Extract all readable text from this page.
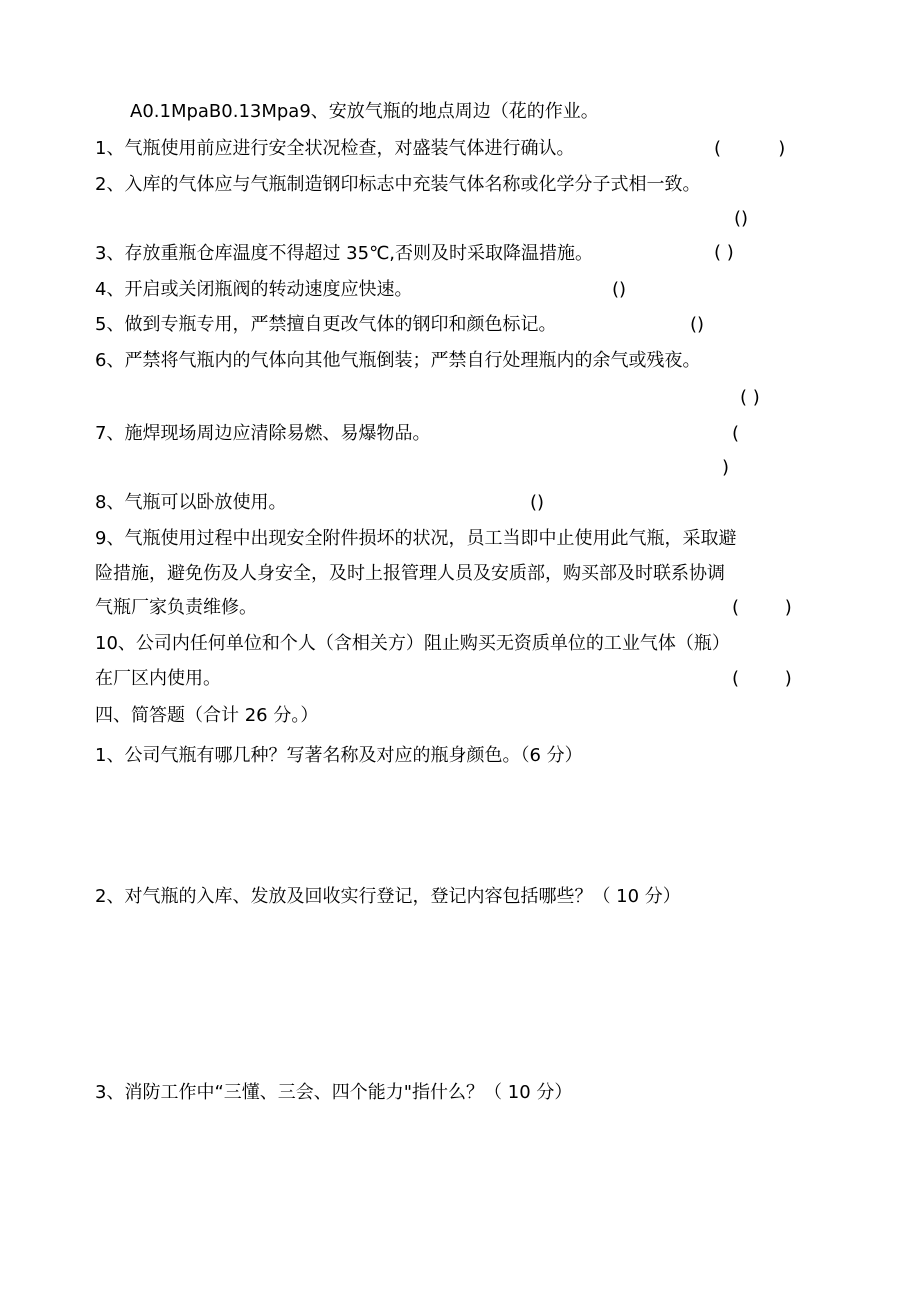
A0.1MpaB0.13Mpa9、安放气瓶的地点周边（花的作业。
1、气瓶使用前应进行安全状况检查，对盛装气体进行确认。	(          )
2、入库的气体应与气瓶制造钢印标志中充装气体名称或化学分子式相一致。
()
3、存放重瓶仓库温度不得超过 35℃,否则及时采取降温措施。	( )
4、开启或关闭瓶阀的转动速度应快速。	()
5、做到专瓶专用，严禁擅自更改气体的钢印和颜色标记。	()
6、严禁将气瓶内的气体向其他气瓶倒装；严禁自行处理瓶内的余气或残夜。
( )
7、施焊现场周边应清除易燃、易爆物品。	(
)
8、气瓶可以卧放使用。	()
9、气瓶使用过程中出现安全附件损坏的状况，员工当即中止使用此气瓶，采取避
险措施，避免伤及人身安全，及时上报管理人员及安质部，购买部及时联系协调
气瓶厂家负责维修。	(        )
10、公司内任何单位和个人（含相关方）阻止购买无资质单位的工业气体（瓶）
在厂区内使用。	(        )
四、简答题（合计 26 分。）
1、公司气瓶有哪几种？写著名称及对应的瓶身颜色。（6 分）
2、对气瓶的入库、发放及回收实行登记，登记内容包括哪些？（ 10 分）
3、消防工作中“三懂、三会、四个能力"指什么？（ 10 分）
